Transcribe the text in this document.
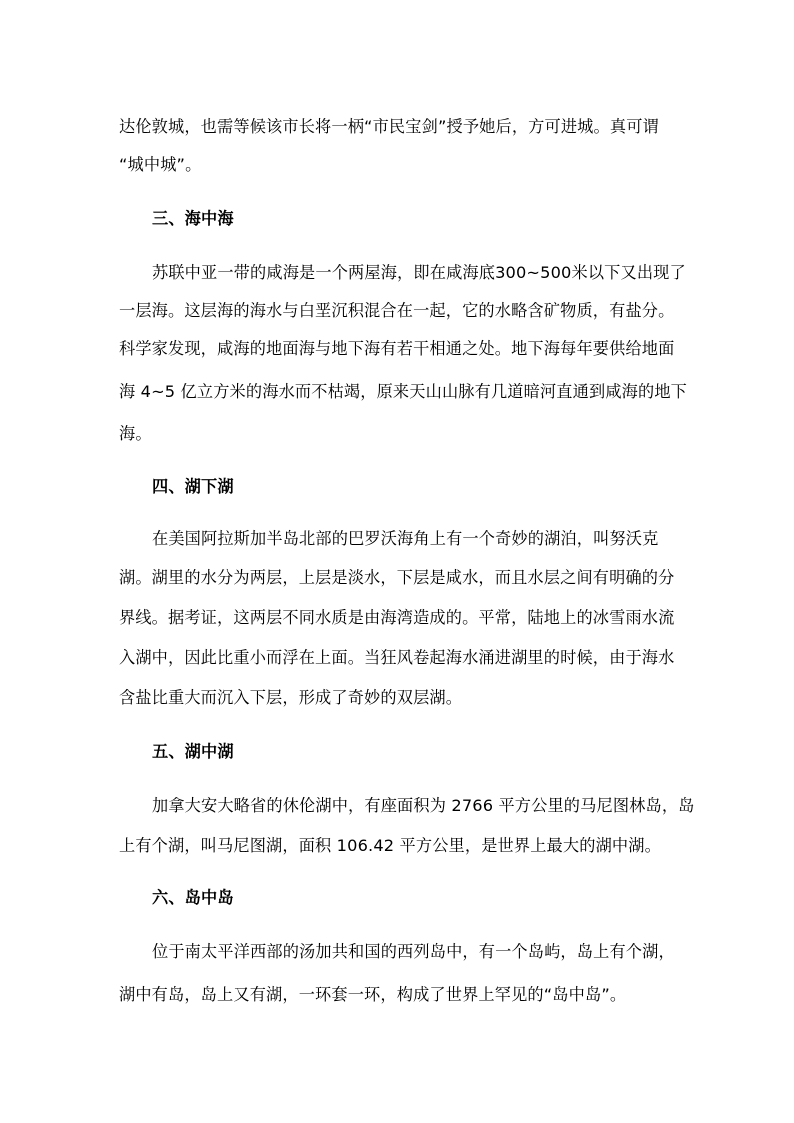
达伦敦城，也需等候该市长将一柄“市民宝剑”授予她后，方可进城。真可谓
“城中城”。
三、海中海
苏联中亚一带的咸海是一个两屋海，即在咸海底300~500米以下又出现了
一层海。这层海的海水与白垩沉积混合在一起，它的水略含矿物质，有盐分。
科学家发现，咸海的地面海与地下海有若干相通之处。地下海每年要供给地面
海 4~5 亿立方米的海水而不枯竭，原来天山山脉有几道暗河直通到咸海的地下
海。
四、湖下湖
在美国阿拉斯加半岛北部的巴罗沃海角上有一个奇妙的湖泊，叫努沃克
湖。湖里的水分为两层，上层是淡水，下层是咸水，而且水层之间有明确的分
界线。据考证，这两层不同水质是由海湾造成的。平常，陆地上的冰雪雨水流
入湖中，因此比重小而浮在上面。当狂风卷起海水涌进湖里的时候，由于海水
含盐比重大而沉入下层，形成了奇妙的双层湖。
五、湖中湖
加拿大安大略省的休伦湖中，有座面积为 2766 平方公里的马尼图林岛，岛
上有个湖，叫马尼图湖，面积 106.42 平方公里，是世界上最大的湖中湖。
六、岛中岛
位于南太平洋西部的汤加共和国的西列岛中，有一个岛屿，岛上有个湖，
湖中有岛，岛上又有湖，一环套一环，构成了世界上罕见的“岛中岛”。
